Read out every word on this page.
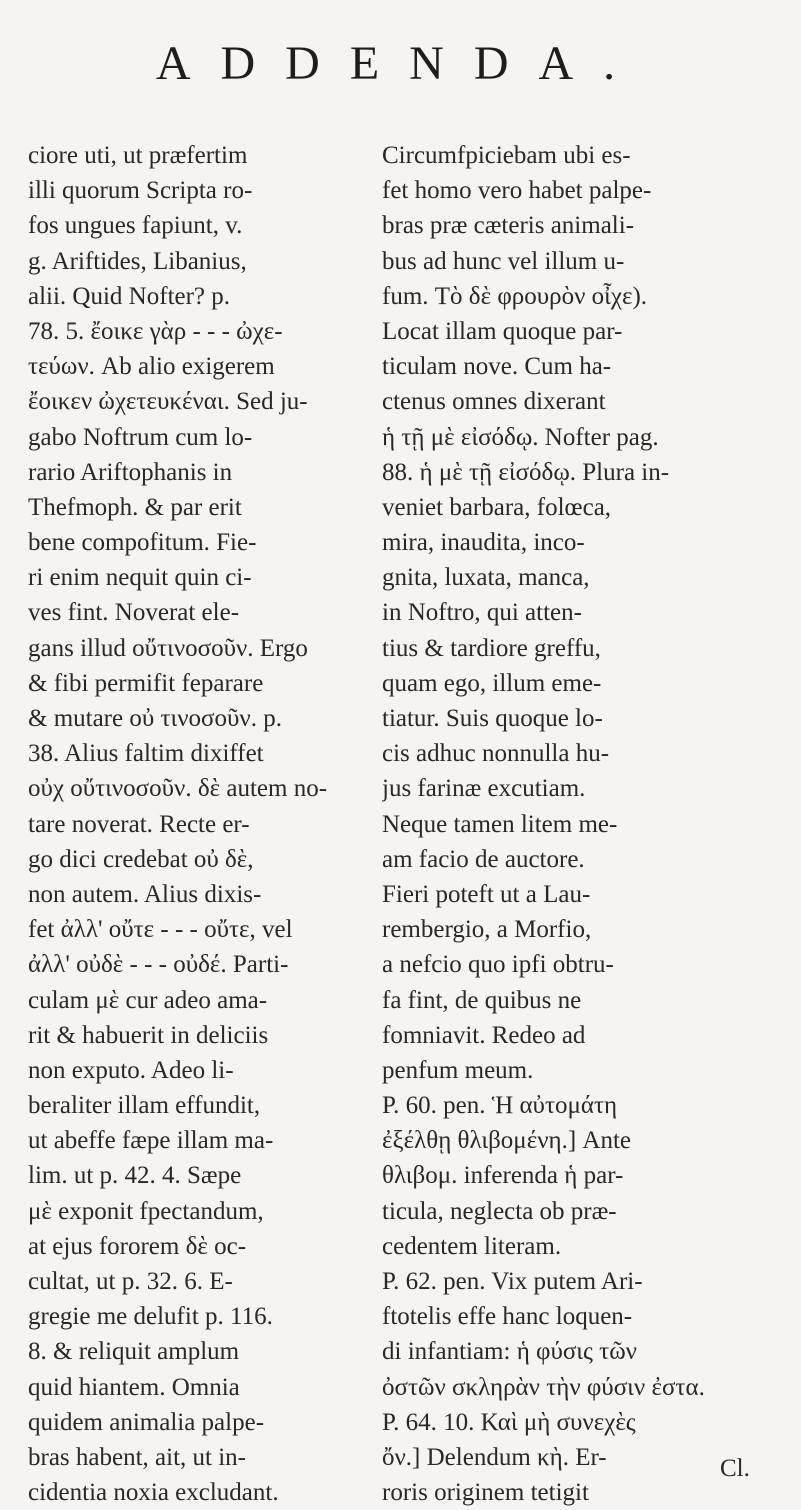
ADDENDA.
ciore uti, ut præfertim
illi quorum Scripta ro-
fos ungues fapiunt, v.
g. Ariftides, Libanius,
alii. Quid Nofter? p.
78. 5. ἔοικε γὰρ - - - ὠχε-
τεύων. Ab alio exigerem
ἔοικεν ὠχετευκέναι. Sed ju-
gabo Noftrum cum lo-
rario Ariftophanis in
Thefmoph. & par erit
bene compofitum. Fie-
ri enim nequit quin ci-
ves fint. Noverat ele-
gans illud οὔτινοσοῦν. Ergo
& fibi permifit feparare
& mutare οὐ τινοσοῦν. p.
38. Alius faltim dixiffet
οὐχ οὔτινοσοῦν. δὲ autem no-
tare noverat. Recte er-
go dici credebat οὐ δὲ,
non autem. Alius dixis-
fet ἀλλ' οὔτε - - - οὔτε, vel
ἀλλ' οὐδὲ - - - οὐδέ. Parti-
culam μὲ cur adeo ama-
rit & habuerit in deliciis
non exputo. Adeo li-
beraliter illam effundit,
ut abeffe fæpe illam ma-
lim. ut p. 42. 4. Sæpe
μὲ exponit fpectandum,
at ejus fororem δὲ oc-
cultat, ut p. 32. 6. E-
gregie me delufit p. 116.
8. & reliquit amplum
quid hiantem. Omnia
quidem animalia palpe-
bras habent, ait, ut in-
cidentia noxia excludant.
Circumfpiciebam ubi es-
fet homo vero habet palpe-
bras præ cæteris animali-
bus ad hunc vel illum u-
fum. Τὸ δὲ φρουρὸν οἶχε).
Locat illam quoque par-
ticulam nove. Cum ha-
ctenus omnes dixerant
ἡ τῇ μὲ εἰσόδῳ. Nofter pag.
88. ἡ μὲ τῇ εἰσόδῳ. Plura in-
veniet barbara, folœca,
mira, inaudita, inco-
gnita, luxata, manca,
in Noftro, qui atten-
tius & tardiore greffu,
quam ego, illum eme-
tiatur. Suis quoque lo-
cis adhuc nonnulla hu-
jus farinæ excutiam.
Neque tamen litem me-
am facio de auctore.
Fieri poteft ut a Lau-
rembergio, a Morfio,
a nefcio quo ipfi obtru-
fa fint, de quibus ne
fomniavit. Redeo ad
penfum meum.
P. 60. pen. Ἡ αὐτομάτη
ἐξέλθῃ θλιβομένη.] Ante
θλιβομ. inferenda ἡ par-
ticula, neglecta ob præ-
cedentem literam.
P. 62. pen. Vix putem Ari-
ftotelis effe hanc loquen-
di infantiam: ἡ φύσις τῶν
ὀστῶν σκληρὰν τὴν φύσιν ἐστα.
P. 64. 10. Καὶ μὴ συνεχὲς
ὄν.] Delendum κὴ. Er-
roris originem tetigit
Cl.
